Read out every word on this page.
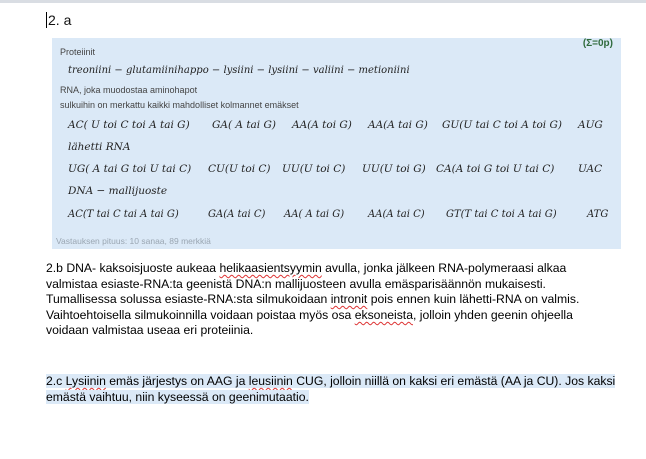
2. a
(Σ=0p)
Proteiinit
treoniini − glutamiinihappo − lysiini − lysiini − valiini − metioniini
RNA, joka muodostaa aminohapot
sulkuihin on merkattu kaikki mahdolliset kolmannet emäkset
AC( U toi C toi A tai G) GA( A tai G) AA(A toi G) AA(A tai G) GU(U tai C toi A toi G) AUG
lähetti RNA
UG( A tai G toi U tai C) CU(U toi C) UU(U toi C) UU(U toi G) CA(A toi G toi U tai C) UAC
DNA − mallijuoste
AC(T tai C tai A tai G)	GA(A tai C) AA( A tai G) AA(A tai C) GT(T tai C toi A tai G)	ATG
Vastauksen pituus: 10 sanaa, 89 merkkiä
2.b DNA- kaksoisjuoste aukeaa helikaasientsyymin avulla, jonka jälkeen RNA-polymeraasi alkaa valmistaa esiaste-RNA:ta geenistä DNA:n mallijuosteen avulla emäsparisäännön mukaisesti. Tumallisessa solussa esiaste-RNA:sta silmukoidaan intronit pois ennen kuin lähetti-RNA on valmis. Vaihtoehtoisella silmukoinnilla voidaan poistaa myös osa eksoneista, jolloin yhden geenin ohjeella voidaan valmistaa useaa eri proteiinia.
2.c Lysiinin emäs järjestys on AAG ja leusiinin CUG, jolloin niillä on kaksi eri emästä (AA ja CU). Jos kaksi emästä vaihtuu, niin kyseessä on geenimutaatio.
